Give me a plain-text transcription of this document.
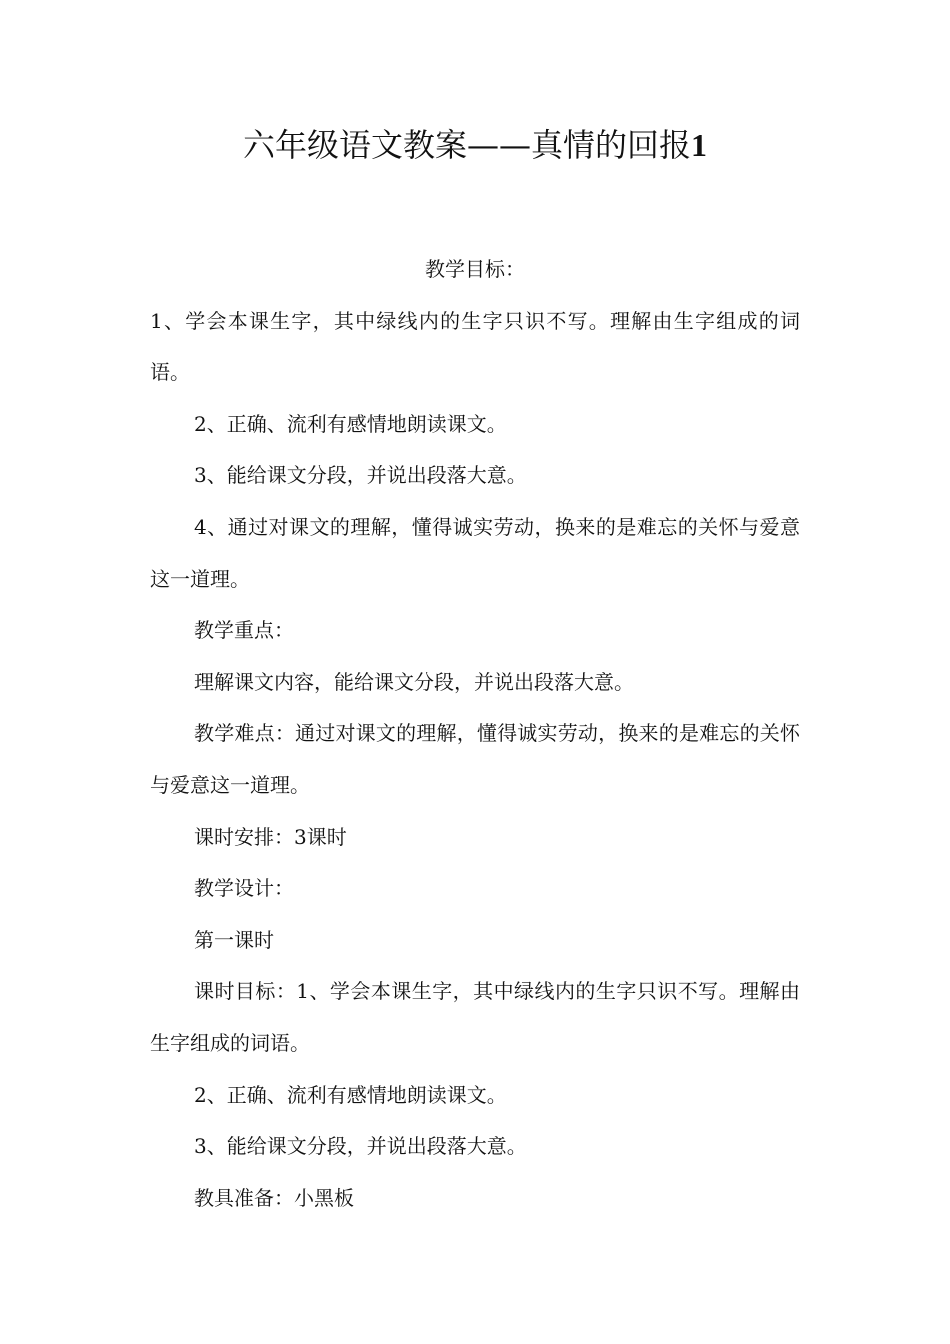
六年级语文教案——真情的回报1

教学目标：

1、学会本课生字，其中绿线内的生字只识不写。理解由生字组成的词语。

2、正确、流利有感情地朗读课文。

3、能给课文分段，并说出段落大意。

4、通过对课文的理解，懂得诚实劳动，换来的是难忘的关怀与爱意这一道理。

教学重点：

理解课文内容，能给课文分段，并说出段落大意。

教学难点：通过对课文的理解，懂得诚实劳动，换来的是难忘的关怀与爱意这一道理。

课时安排：3课时

教学设计：

第一课时

课时目标：1、学会本课生字，其中绿线内的生字只识不写。理解由生字组成的词语。

2、正确、流利有感情地朗读课文。

3、能给课文分段，并说出段落大意。

教具准备：小黑板
